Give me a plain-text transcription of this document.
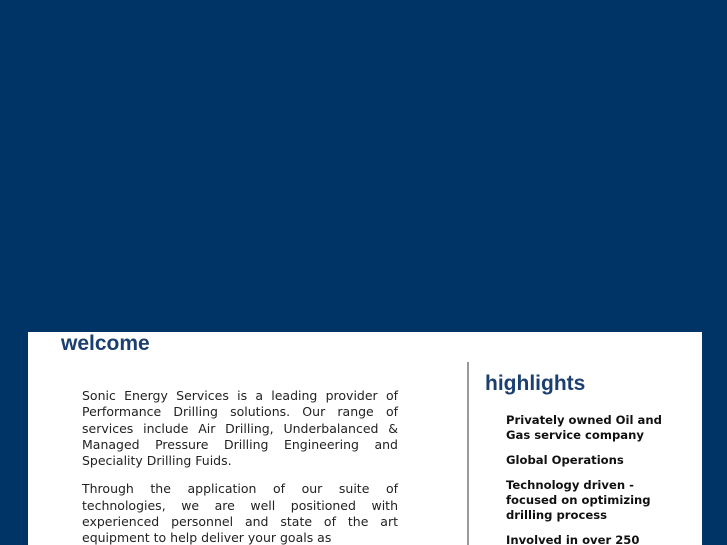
welcome

Sonic Energy Services is a leading provider of Performance Drilling solutions. Our range of services include Air Drilling, Underbalanced & Managed Pressure Drilling Engineering and Speciality Drilling Fuids.

Through the application of our suite of technologies, we are well positioned with experienced personnel and state of the art equipment to help deliver your goals as

highlights
Privately owned Oil and Gas service company
Global Operations
Technology driven - focused on optimizing drilling process
Involved in over 250
